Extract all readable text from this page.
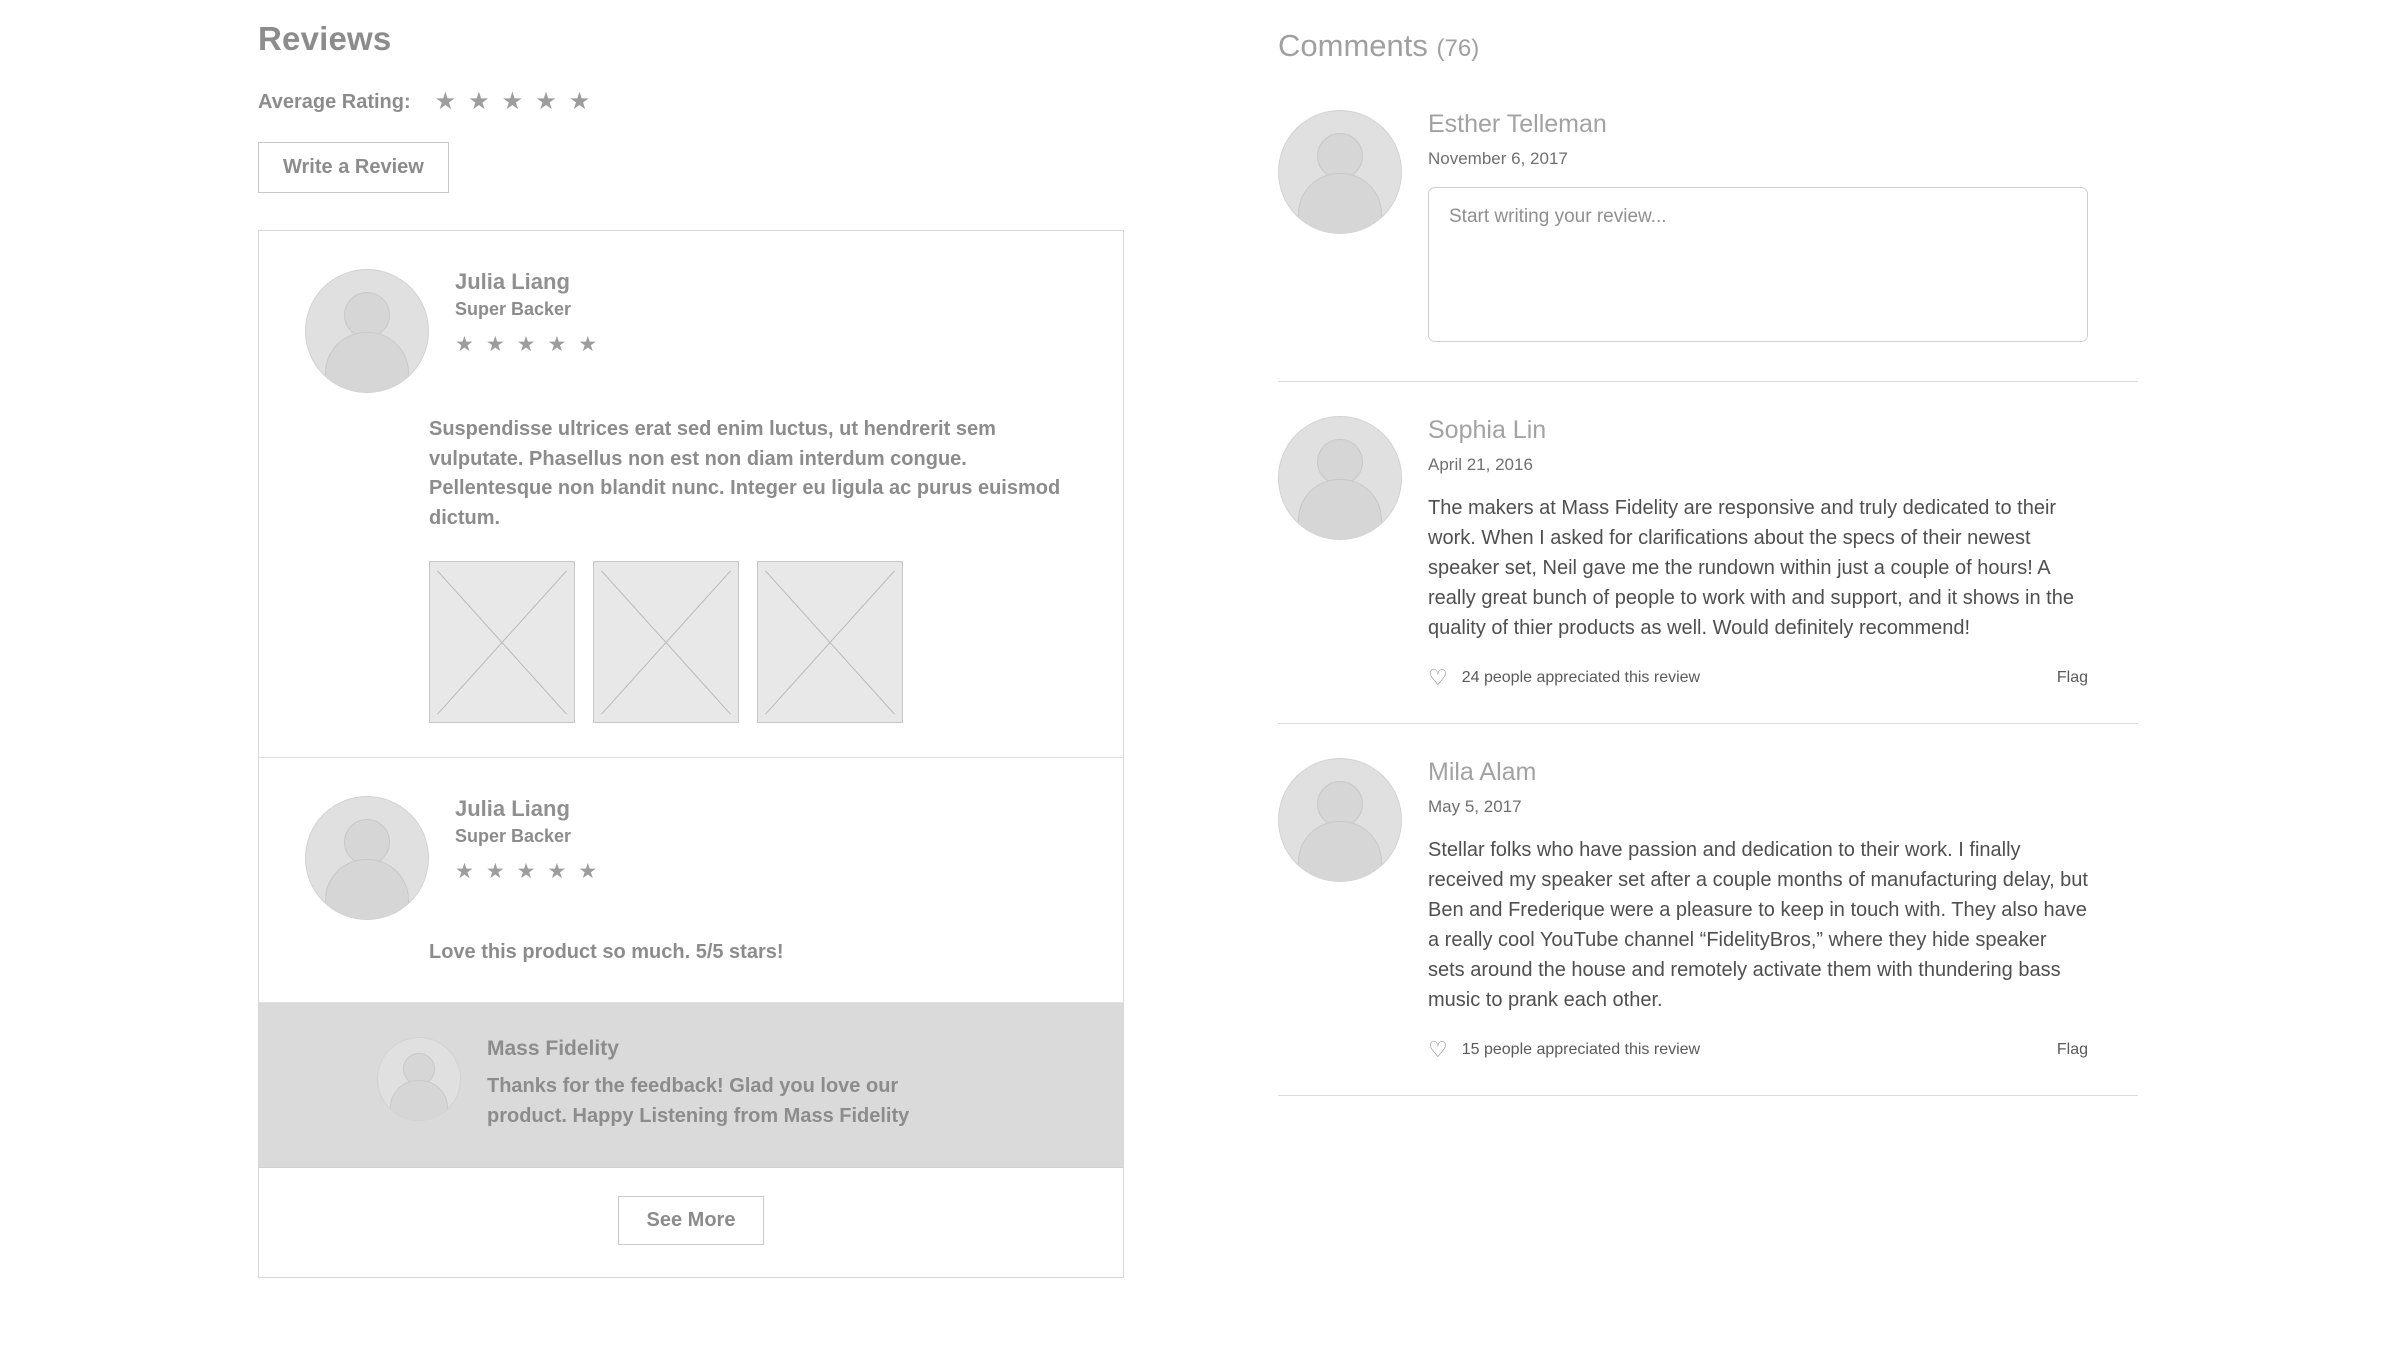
Reviews
Average Rating: ★ ★ ★ ★ ★
Write a Review

Julia Liang

Super Backer

★ ★ ★ ★ ★

Suspendisse ultrices erat sed enim luctus, ut hendrerit sem vulputate. Phasellus non est non diam interdum congue. Pellentesque non blandit nunc. Integer eu ligula ac purus euismod dictum.

Julia Liang

Super Backer

★ ★ ★ ★ ★

Love this product so much. 5/5 stars!

Mass Fidelity

Thanks for the feedback! Glad you love our product. Happy Listening from Mass Fidelity

See More
Comments (76)

Esther Telleman

November 6, 2017

Start writing your review...

Sophia Lin

April 21, 2016

The makers at Mass Fidelity are responsive and truly dedicated to their work. When I asked for clarifications about the specs of their newest speaker set, Neil gave me the rundown within just a couple of hours! A really great bunch of people to work with and support, and it shows in the quality of thier products as well. Would definitely recommend!

♡ 24 people appreciated this review	Flag

Mila Alam

May 5, 2017

Stellar folks who have passion and dedication to their work. I finally received my speaker set after a couple months of manufacturing delay, but Ben and Frederique were a pleasure to keep in touch with. They also have a really cool YouTube channel “FidelityBros,” where they hide speaker sets around the house and remotely activate them with thundering bass music to prank each other.

♡ 15 people appreciated this review	Flag
